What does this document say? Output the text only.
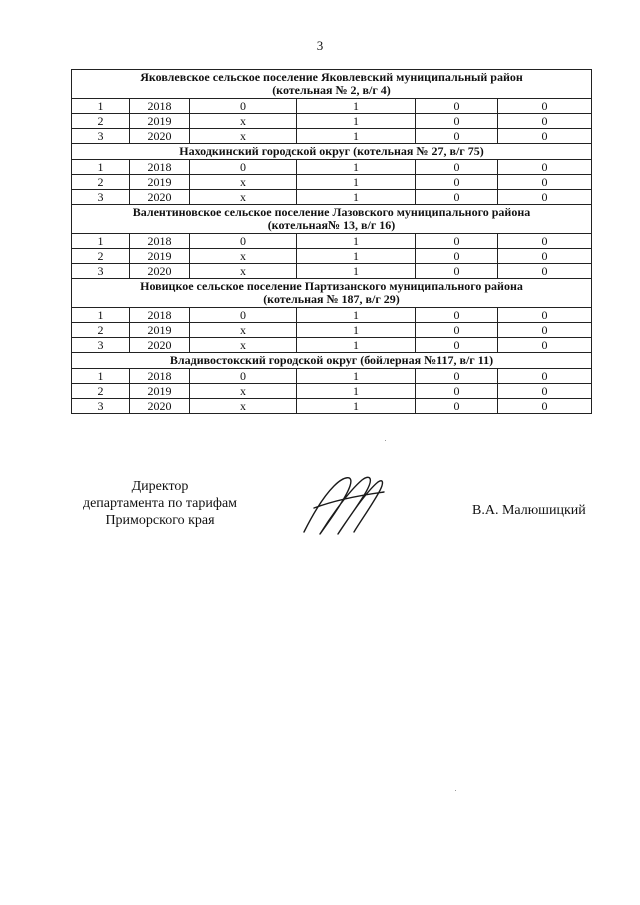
3
Яковлевское сельское поселение Яковлевский муниципальный район
(котельная № 2, в/г 4)					

1	2018	0	1	0	0
2	2019	x	1	0	0
3	2020	x	1	0	0

Находкинский городской округ (котельная № 27, в/г 75)					

1	2018	0	1	0	0
2	2019	x	1	0	0
3	2020	x	1	0	0

Валентиновское сельское поселение Лазовского муниципального района
(котельная№ 13, в/г 16)					

1	2018	0	1	0	0
2	2019	x	1	0	0
3	2020	x	1	0	0

Новицкое сельское поселение Партизанского муниципального района
(котельная № 187, в/г 29)					

1	2018	0	1	0	0
2	2019	x	1	0	0
3	2020	x	1	0	0

Владивостокский городской округ (бойлерная №117, в/г 11)					

1	2018	0	1	0	0
2	2019	x	1	0	0
3	2020	x	1	0	0
Директор
департамента по тарифам
Приморского края
В.А. Малюшицкий
